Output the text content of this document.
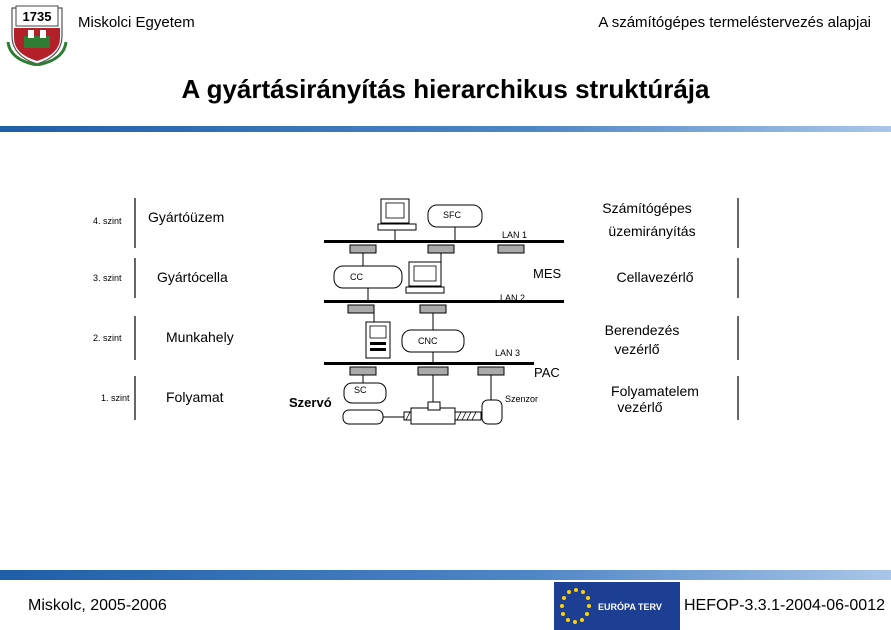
1735 Miskolci Egyetem	A számítógépes termeléstervezés alapjai
A gyártásirányítás hierarchikus struktúrája
4. szint
3. szint
2. szint
1. szint
Gyártóüzem
Gyártócella
Munkahely
Folyamat
Számítógépes
üzemirányítás
Cellavezérlő
Berendezés
vezérlő
Folyamatelem
vezérlő
SFC
LAN 1
MES
CC
LAN 2
CNC
LAN 3
PAC
SC
Szervó	Szenzor
Miskolc, 2005-2006	EURÓPA TERV HEFOP-3.3.1-2004-06-0012
